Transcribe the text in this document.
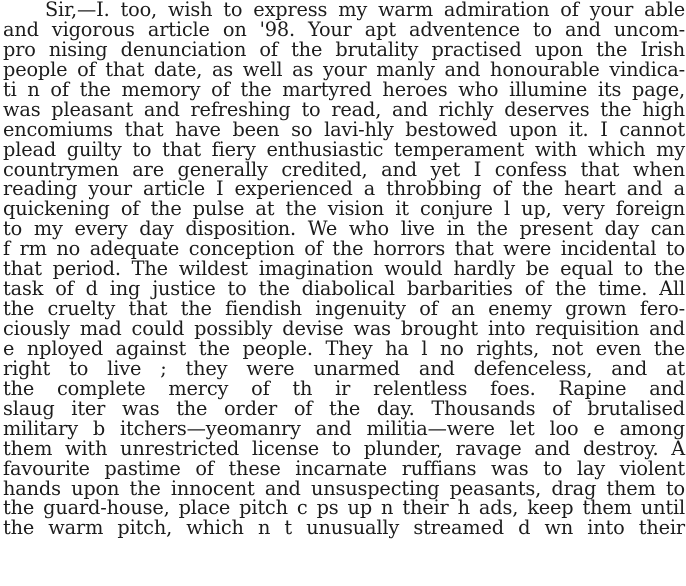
Sir,—I. too, wish to express my warm admiration of your able
and vigorous article on '98. Your apt adventence to and uncom-
pro nising denunciation of the brutality practised upon the Irish
people of that date, as well as your manly and honourable vindica-
ti n of the memory of the martyred heroes who illumine its page,
was pleasant and refreshing to read, and richly deserves the high
encomiums that have been so lavi-hly bestowed upon it. I cannot
plead guilty to that fiery enthusiastic temperament with which my
countrymen are generally credited, and yet I confess that when
reading your article I experienced a throbbing of the heart and a
quickening of the pulse at the vision it conjure l up, very foreign
to my every day disposition. We who live in the present day can
f rm no adequate conception of the horrors that were incidental to
that period. The wildest imagination would hardly be equal to the
task of d ing justice to the diabolical barbarities of the time. All
the cruelty that the fiendish ingenuity of an enemy grown fero-
ciously mad could possibly devise was brought into requisition and
e nployed against the people. They ha l no rights, not even the
right to live ; they were unarmed and defenceless, and at
the complete mercy of th ir relentless foes. Rapine and
slaug iter was the order of the day. Thousands of brutalised
military b itchers—yeomanry and militia—were let loo e among
them with unrestricted license to plunder, ravage and destroy. A
favourite pastime of these incarnate ruffians was to lay violent
hands upon the innocent and unsuspecting peasants, drag them to
the guard-house, place pitch c ps up n their h ads, keep them until
the warm pitch, which n t unusually streamed d wn into their
